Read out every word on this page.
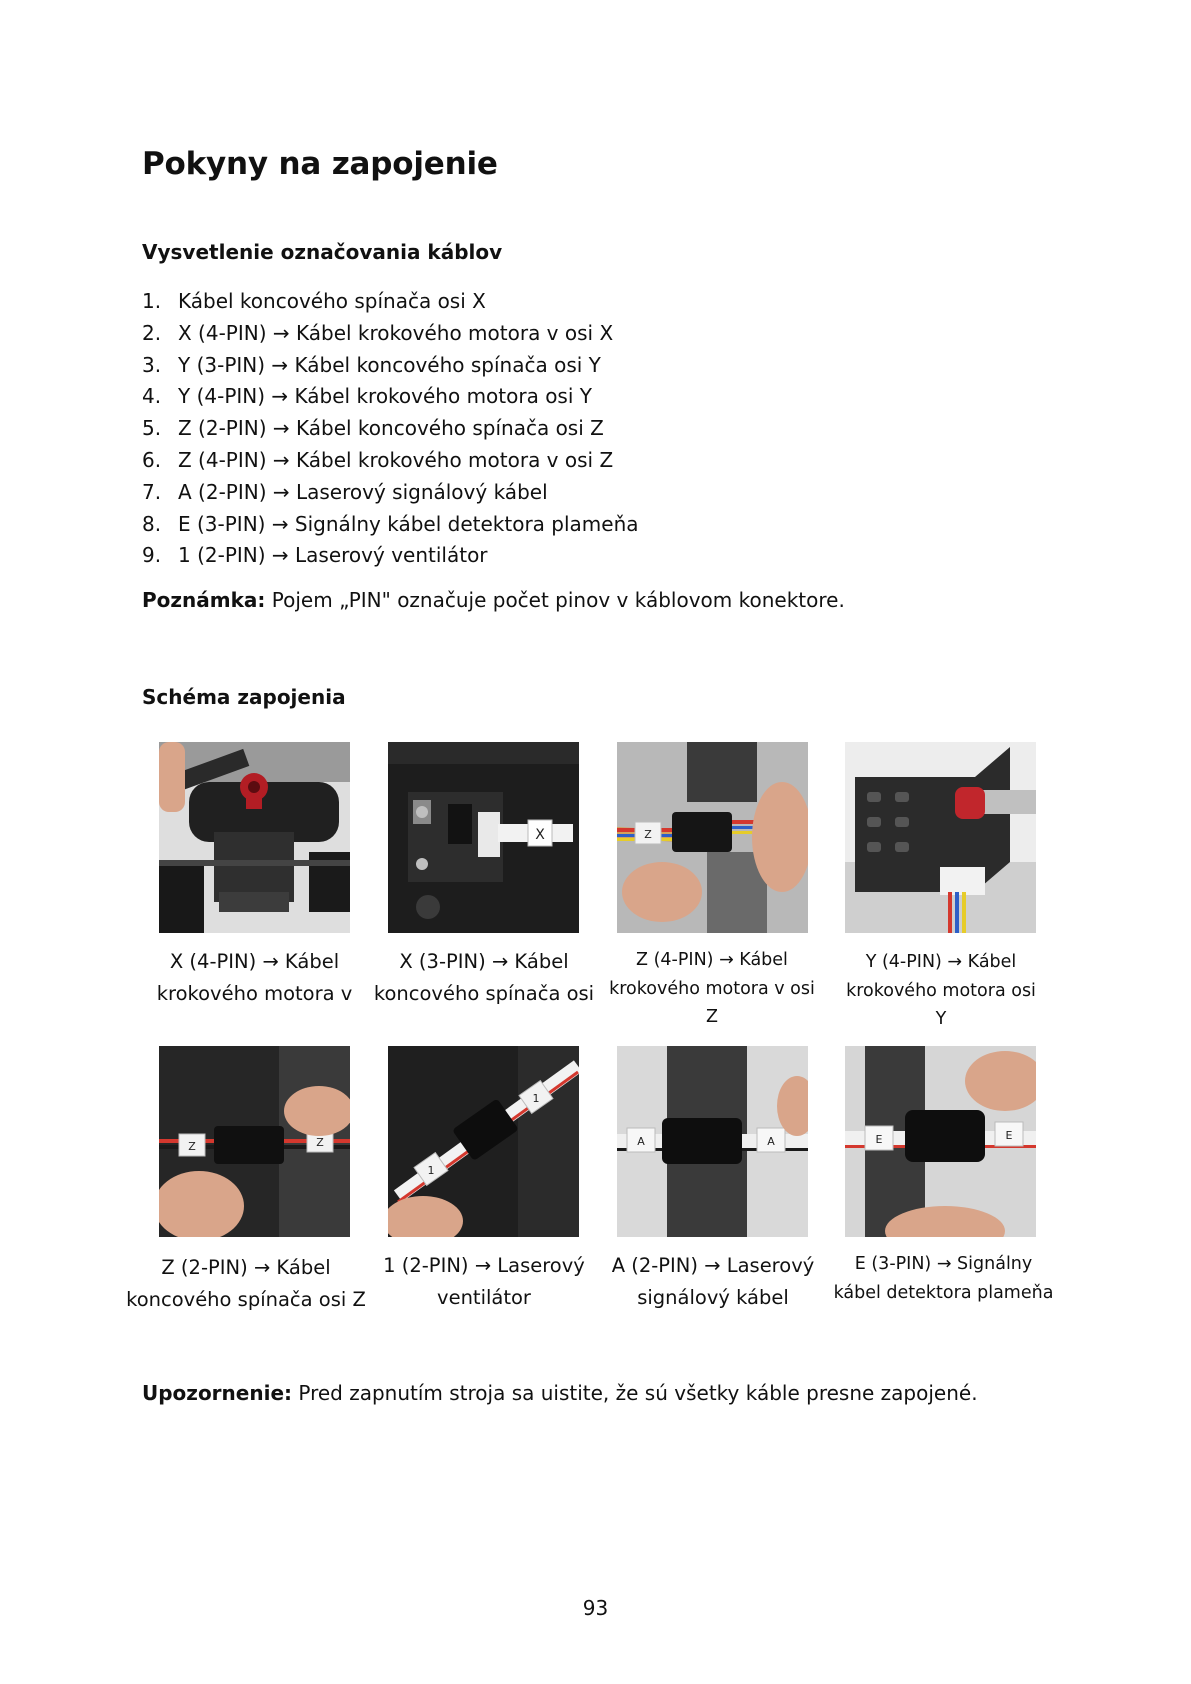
Pokyny na zapojenie
Vysvetlenie označovania káblov
1. Kábel koncového spínača osi X
2. X (4-PIN) → Kábel krokového motora v osi X
3. Y (3-PIN) → Kábel koncového spínača osi Y
4. Y (4-PIN) → Kábel krokového motora osi Y
5. Z (2-PIN) → Kábel koncového spínača osi Z
6. Z (4-PIN) → Kábel krokového motora v osi Z
7. A (2-PIN) → Laserový signálový kábel
8. E (3-PIN) → Signálny kábel detektora plameňa
9. 1 (2-PIN) → Laserový ventilátor

Poznámka: Pojem „PIN" označuje počet pinov v káblovom konektore.

Schéma zapojenia
X	Z
X (4-PIN) → Kábel
krokového motora v
X (3-PIN) → Kábel
koncového spínača osi
Z (4-PIN) → Kábel
krokového motora v osi
Z
Y (4-PIN) → Kábel
krokového motora osi
Y
Z	Z
1
1
A	A	E	E
Z (2-PIN) → Kábel
koncového spínača osi Z
1 (2-PIN) → Laserový
ventilátor
A (2-PIN) → Laserový
signálový kábel
E (3-PIN) → Signálny
kábel detektora plameňa

Upozornenie: Pred zapnutím stroja sa uistite, že sú všetky káble presne zapojené.

93
